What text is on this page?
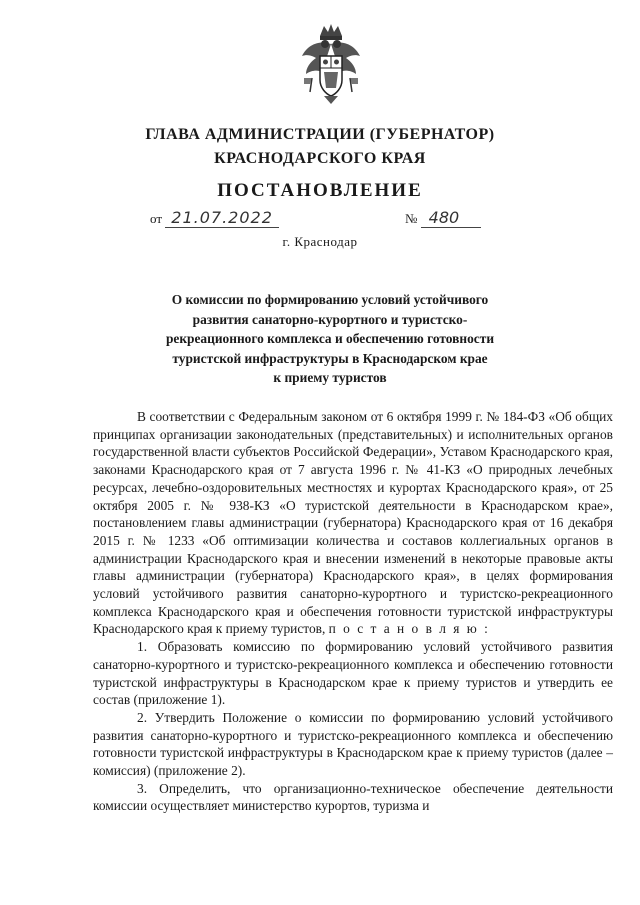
ГЛАВА АДМИНИСТРАЦИИ (ГУБЕРНАТОР)
КРАСНОДАРСКОГО КРАЯ
ПОСТАНОВЛЕНИЕ
от 21.07.2022	№ 480
г. Краснодар
О комиссии по формированию условий устойчивого
развития санаторно-курортного и туристско-
рекреационного комплекса и обеспечению готовности
туристской инфраструктуры в Краснодарском крае
к приему туристов

В соответствии с Федеральным законом от 6 октября 1999 г. № 184-ФЗ «Об общих принципах организации законодательных (представительных) и исполнительных органов государственной власти субъектов Российской Федерации», Уставом Краснодарского края, законами Краснодарского края от 7 августа 1996 г. № 41-КЗ «О природных лечебных ресурсах, лечебно-оздоровительных местностях и курортах Краснодарского края», от 25 октября 2005 г. № 938-КЗ «О туристской деятельности в Краснодарском крае», постановлением главы администрации (губернатора) Краснодарского края от 16 декабря 2015 г. № 1233 «Об оптимизации количества и составов коллегиальных органов в администрации Краснодарского края и внесении изменений в некоторые правовые акты главы администрации (губернатора) Краснодарского края», в целях формирования условий устойчивого развития санаторно-курортного и туристско-рекреационного комплекса Краснодарского края и обеспечения готовности туристской инфраструктуры Краснодарского края к приему туристов, п о с т а н о в л я ю :

1. Образовать комиссию по формированию условий устойчивого развития санаторно-курортного и туристско-рекреационного комплекса и обеспечению готовности туристской инфраструктуры в Краснодарском крае к приему туристов и утвердить ее состав (приложение 1).

2. Утвердить Положение о комиссии по формированию условий устойчивого развития санаторно-курортного и туристско-рекреационного комплекса и обеспечению готовности туристской инфраструктуры в Краснодарском крае к приему туристов (далее – комиссия) (приложение 2).

3. Определить, что организационно-техническое обеспечение деятельности комиссии осуществляет министерство курортов, туризма и
